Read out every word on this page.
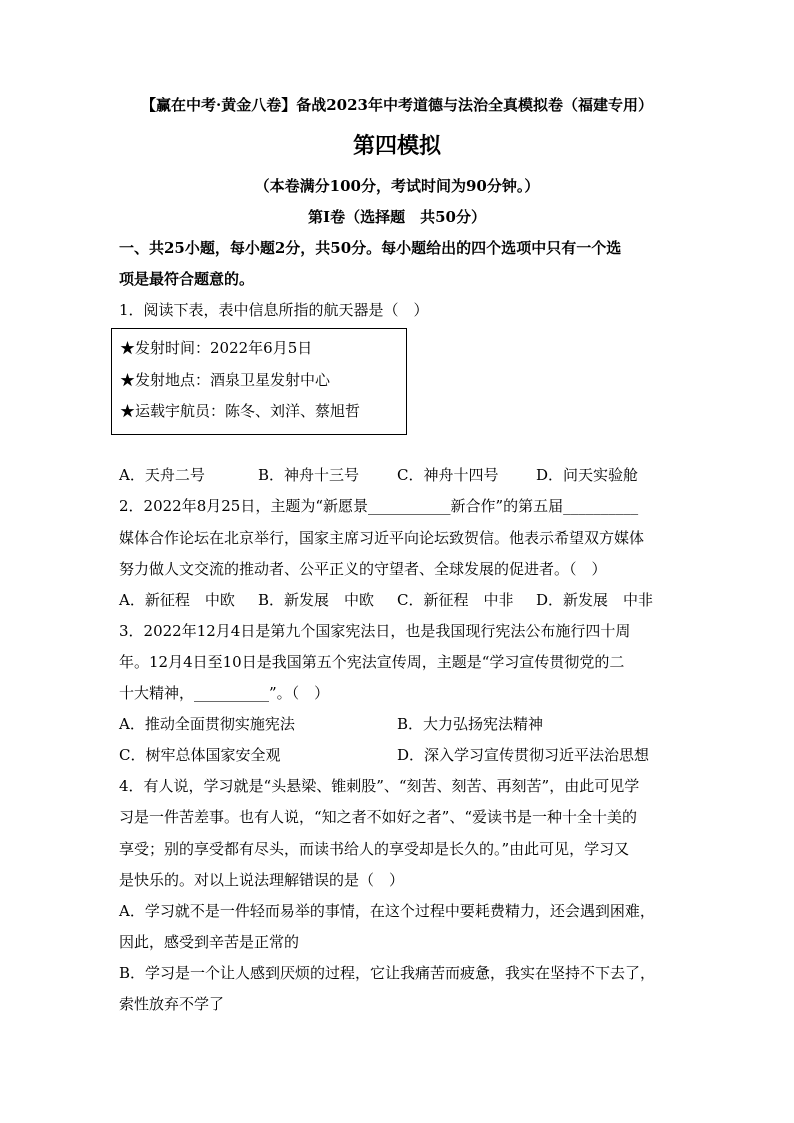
【赢在中考·黄金八卷】备战2023年中考道德与法治全真模拟卷（福建专用）
第四模拟
（本卷满分100分，考试时间为90分钟。）
第I卷（选择题　共50分）
一、共25小题，每小题2分，共50分。每小题给出的四个选项中只有一个选
项是最符合题意的。
1．阅读下表，表中信息所指的航天器是（　）
★发射时间：2022年6月5日
★发射地点：酒泉卫星发射中心
★运载宇航员：陈冬、刘洋、蔡旭哲
A．天舟二号	B．神舟十三号	C．神舟十四号	D．问天实验舱
2．2022年8月25日，主题为“新愿景___________新合作”的第五届__________
媒体合作论坛在北京举行，国家主席习近平向论坛致贺信。他表示希望双方媒体
努力做人文交流的推动者、公平正义的守望者、全球发展的促进者。（　）
A．新征程　中欧 B．新发展　中欧 C．新征程　中非 D．新发展　中非
3．2022年12月4日是第九个国家宪法日，也是我国现行宪法公布施行四十周
年。12月4日至10日是我国第五个宪法宣传周，主题是“学习宣传贯彻党的二
十大精神，__________”。（　）
A．推动全面贯彻实施宪法	B．大力弘扬宪法精神
C．树牢总体国家安全观	D．深入学习宣传贯彻习近平法治思想
4．有人说，学习就是“头悬梁、锥刺股”、“刻苦、刻苦、再刻苦”，由此可见学
习是一件苦差事。也有人说，“知之者不如好之者”、“爱读书是一种十全十美的
享受；别的享受都有尽头，而读书给人的享受却是长久的。”由此可见，学习又
是快乐的。对以上说法理解错误的是（　）
A．学习就不是一件轻而易举的事情，在这个过程中要耗费精力，还会遇到困难，
因此，感受到辛苦是正常的
B．学习是一个让人感到厌烦的过程，它让我痛苦而疲惫，我实在坚持不下去了，
索性放弃不学了
